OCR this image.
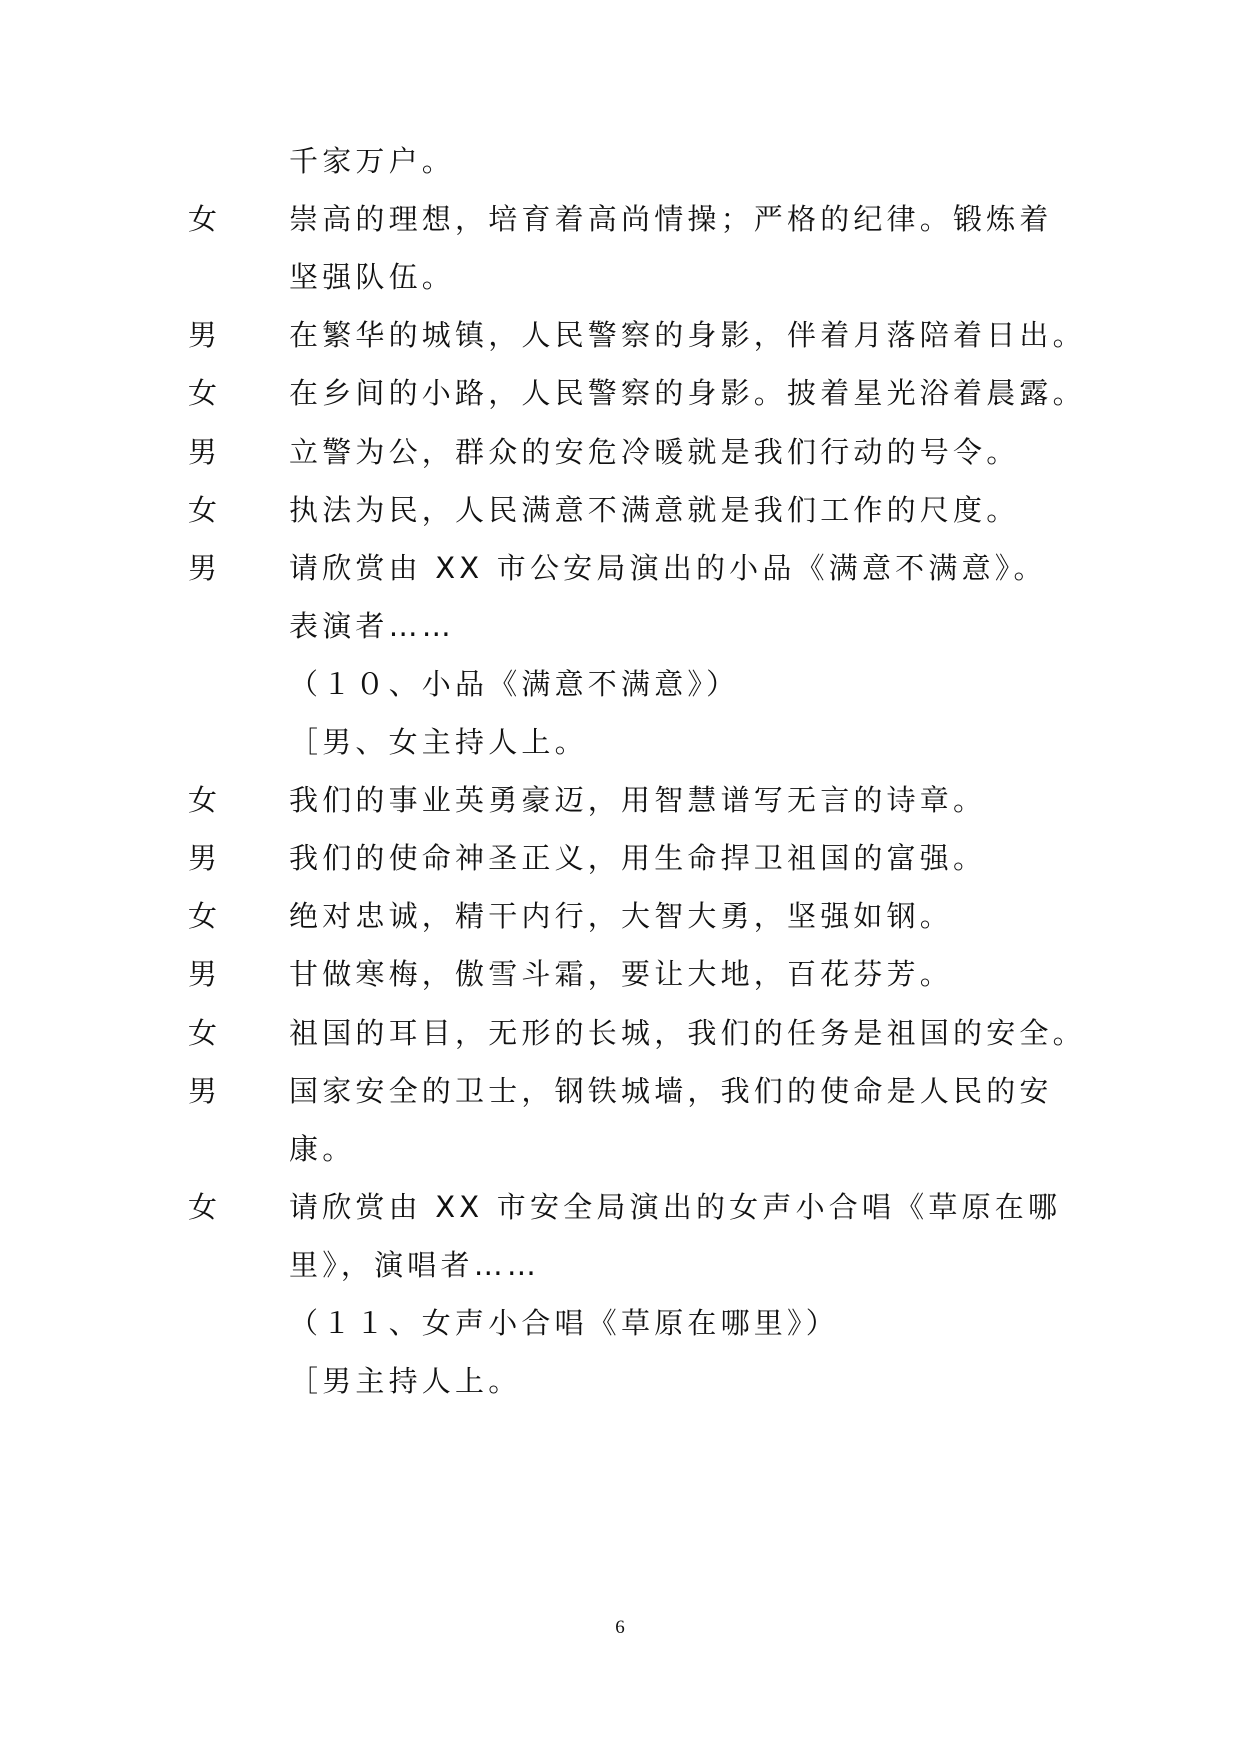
千家万户。
女 崇高的理想，培育着高尚情操；严格的纪律。锻炼着
坚强队伍。
男 在繁华的城镇，人民警察的身影，伴着月落陪着日出。
女 在乡间的小路，人民警察的身影。披着星光浴着晨露。
男 立警为公，群众的安危冷暖就是我们行动的号令。
女 执法为民，人民满意不满意就是我们工作的尺度。
男 请欣赏由 XX 市公安局演出的小品《满意不满意》。
表演者……
（１０、小品《满意不满意》）
［男、女主持人上。
女 我们的事业英勇豪迈，用智慧谱写无言的诗章。
男 我们的使命神圣正义，用生命捍卫祖国的富强。
女 绝对忠诚，精干内行，大智大勇，坚强如钢。
男 甘做寒梅，傲雪斗霜，要让大地，百花芬芳。
女 祖国的耳目，无形的长城，我们的任务是祖国的安全。
男 国家安全的卫士，钢铁城墙，我们的使命是人民的安
康。
女 请欣赏由 XX 市安全局演出的女声小合唱《草原在哪
里》，演唱者……
（１１、女声小合唱《草原在哪里》）
［男主持人上。
6
